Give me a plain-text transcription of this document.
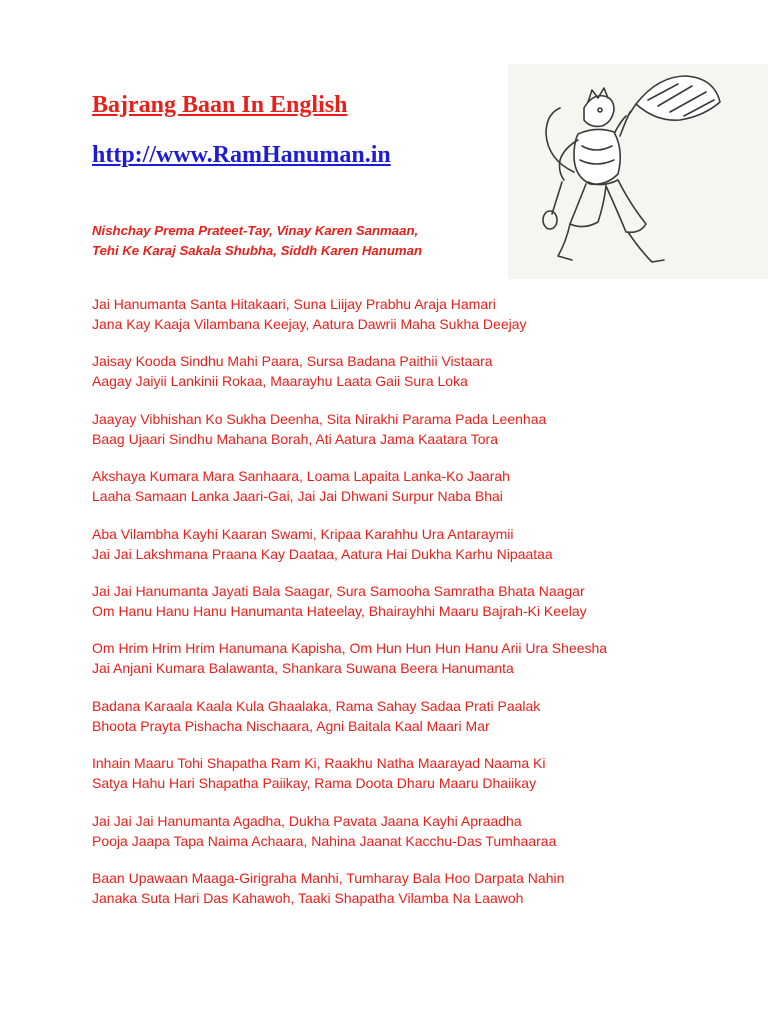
Bajrang Baan In English
http://www.RamHanuman.in
Nishchay Prema Prateet-Tay, Vinay Karen Sanmaan,
Tehi Ke Karaj Sakala Shubha, Siddh Karen Hanuman
Jai Hanumanta Santa Hitakaari, Suna Liijay Prabhu Araja Hamari
Jana Kay Kaaja Vilambana Keejay, Aatura Dawrii Maha Sukha Deejay
Jaisay Kooda Sindhu Mahi Paara, Sursa Badana Paithii Vistaara
Aagay Jaiyii Lankinii Rokaa, Maarayhu Laata Gaii Sura Loka
Jaayay Vibhishan Ko Sukha Deenha, Sita Nirakhi Parama Pada Leenhaa
Baag Ujaari Sindhu Mahana Borah, Ati Aatura Jama Kaatara Tora
Akshaya Kumara Mara Sanhaara, Loama Lapaita Lanka-Ko Jaarah
Laaha Samaan Lanka Jaari-Gai, Jai Jai Dhwani Surpur Naba Bhai
Aba Vilambha Kayhi Kaaran Swami, Kripaa Karahhu Ura Antaraymii
Jai Jai Lakshmana Praana Kay Daataa, Aatura Hai Dukha Karhu Nipaataa
Jai Jai Hanumanta Jayati Bala Saagar, Sura Samooha Samratha Bhata Naagar
Om Hanu Hanu Hanu Hanumanta Hateelay, Bhairayhhi Maaru Bajrah-Ki Keelay
Om Hrim Hrim Hrim Hanumana Kapisha, Om Hun Hun Hun Hanu Arii Ura Sheesha
Jai Anjani Kumara Balawanta, Shankara Suwana Beera Hanumanta
Badana Karaala Kaala Kula Ghaalaka, Rama Sahay Sadaa Prati Paalak
Bhoota Prayta Pishacha Nischaara, Agni Baitala Kaal Maari Mar
Inhain Maaru Tohi Shapatha Ram Ki, Raakhu Natha Maarayad Naama Ki
Satya Hahu Hari Shapatha Paiikay, Rama Doota Dharu Maaru Dhaiikay
Jai Jai Jai Hanumanta Agadha, Dukha Pavata Jaana Kayhi Apraadha
Pooja Jaapa Tapa Naima Achaara, Nahina Jaanat Kacchu-Das Tumhaaraa
Baan Upawaan Maaga-Girigraha Manhi, Tumharay Bala Hoo Darpata Nahin
Janaka Suta Hari Das Kahawoh, Taaki Shapatha Vilamba Na Laawoh
